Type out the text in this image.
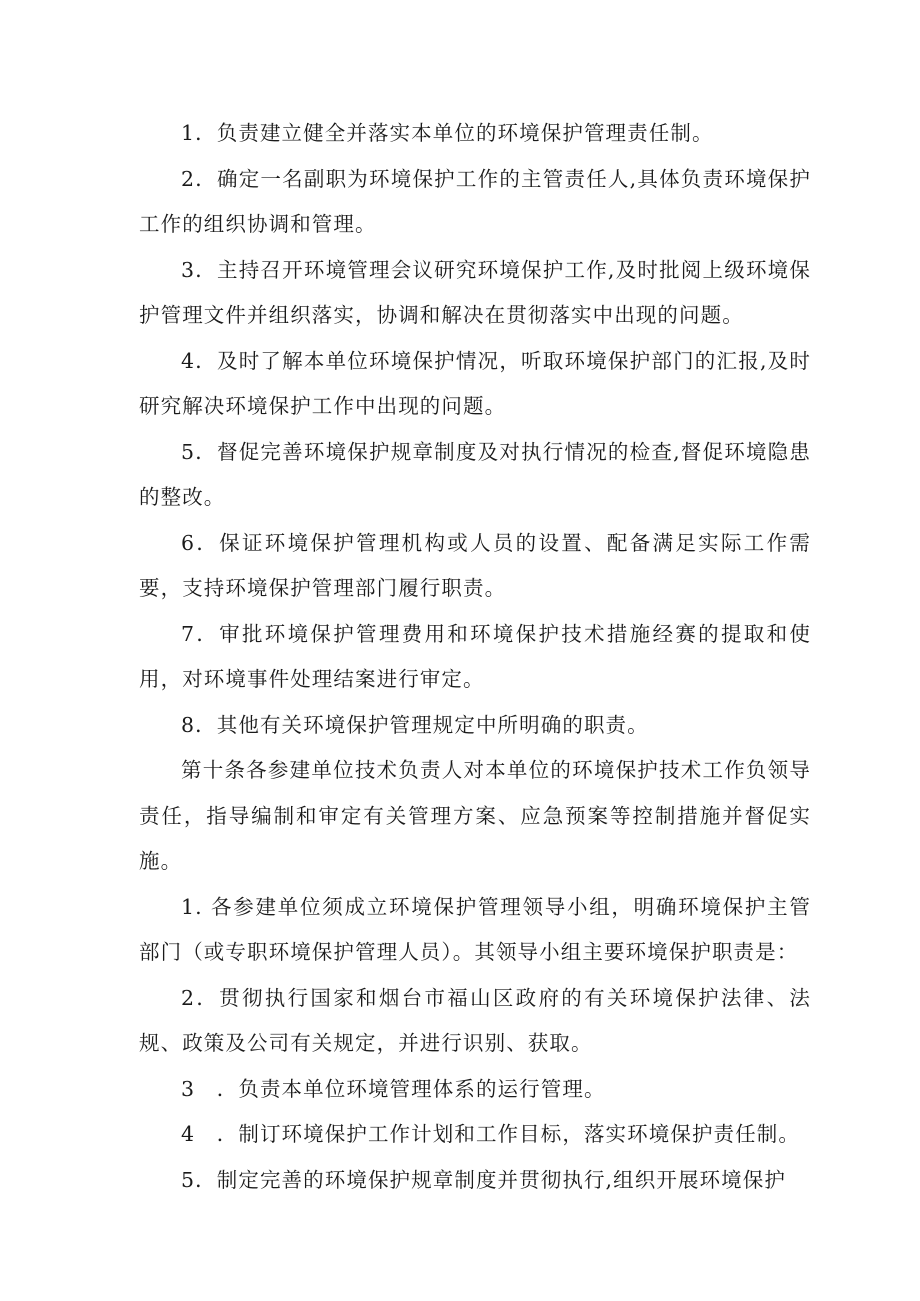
1．负责建立健全并落实本单位的环境保护管理责任制。

2．确定一名副职为环境保护工作的主管责任人,具体负责环境保护工作的组织协调和管理。

3．主持召开环境管理会议研究环境保护工作,及时批阅上级环境保护管理文件并组织落实，协调和解决在贯彻落实中出现的问题。

4．及时了解本单位环境保护情况，听取环境保护部门的汇报,及时研究解决环境保护工作中出现的问题。

5．督促完善环境保护规章制度及对执行情况的检查,督促环境隐患的整改。

6．保证环境保护管理机构或人员的设置、配备满足实际工作需要，支持环境保护管理部门履行职责。

7．审批环境保护管理费用和环境保护技术措施经赛的提取和使用，对环境事件处理结案进行审定。

8．其他有关环境保护管理规定中所明确的职责。

第十条各参建单位技术负责人对本单位的环境保护技术工作负领导责任，指导编制和审定有关管理方案、应急预案等控制措施并督促实施。

1. 各参建单位须成立环境保护管理领导小组，明确环境保护主管部门（或专职环境保护管理人员）。其领导小组主要环境保护职责是：

2．贯彻执行国家和烟台市福山区政府的有关环境保护法律、法规、政策及公司有关规定，并进行识别、获取。

3　．负责本单位环境管理体系的运行管理。

4　．制订环境保护工作计划和工作目标，落实环境保护责任制。

5．制定完善的环境保护规章制度并贯彻执行,组织开展环境保护
